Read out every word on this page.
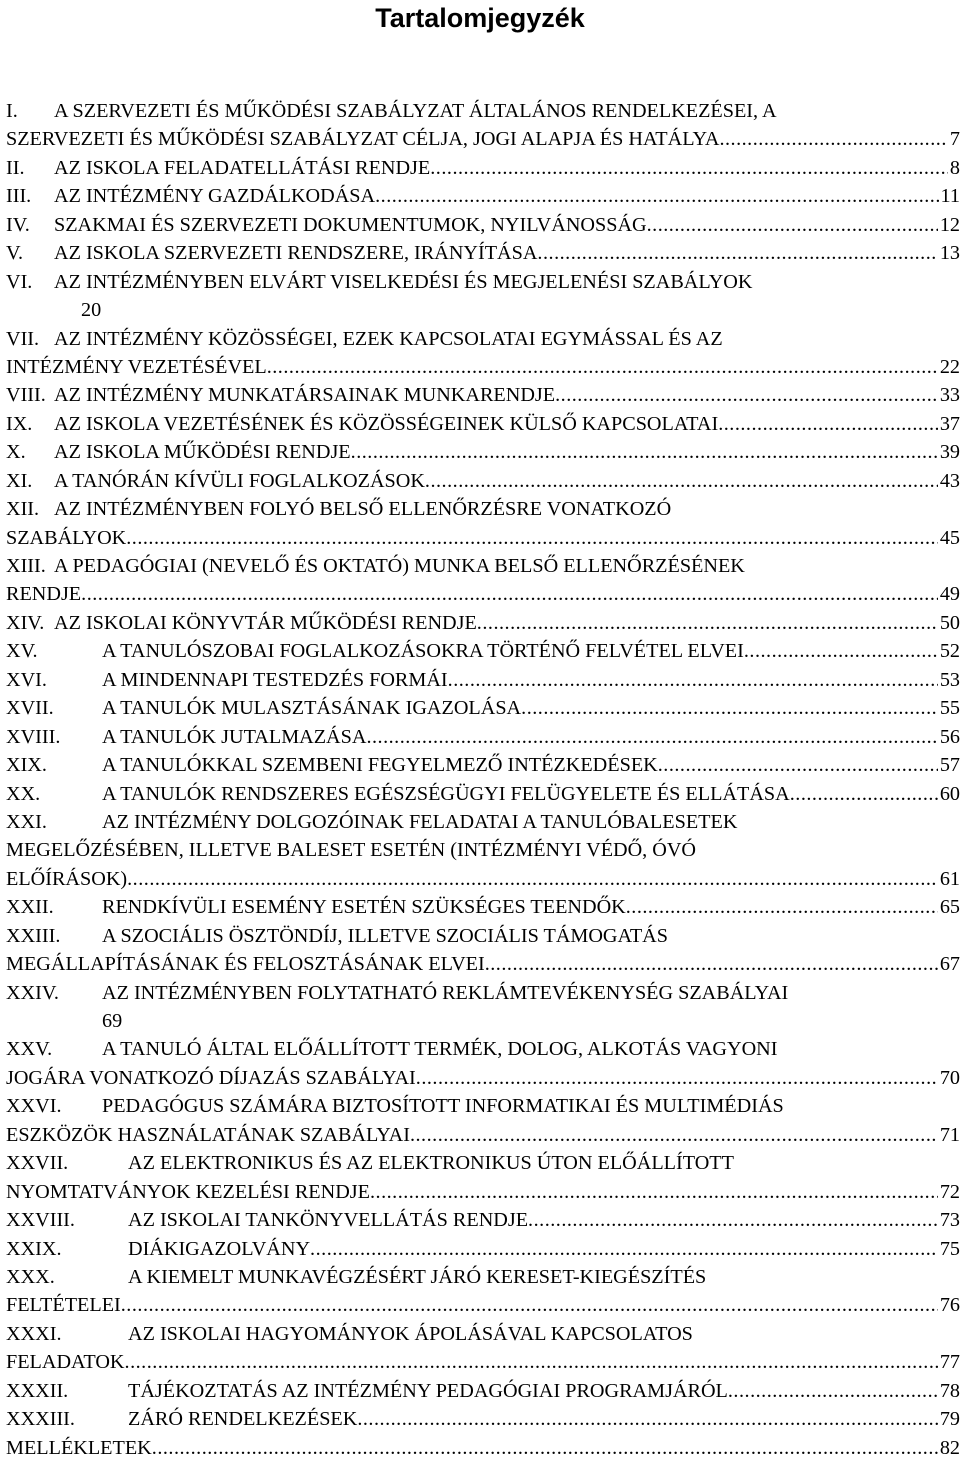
Tartalomjegyzék
I.	A SZERVEZETI ÉS MŰKÖDÉSI SZABÁLYZAT ÁLTALÁNOS RENDELKEZÉSEI, A
SZERVEZETI ÉS MŰKÖDÉSI SZABÁLYZAT CÉLJA, JOGI ALAPJA ÉS HATÁLYA .....	7
II.	AZ ISKOLA FELADATELLÁTÁSI RENDJE .....	8
III.	AZ INTÉZMÉNY GAZDÁLKODÁSA .....	11
IV.	SZAKMAI ÉS SZERVEZETI DOKUMENTUMOK, NYILVÁNOSSÁG .....	12
V.	AZ ISKOLA SZERVEZETI RENDSZERE, IRÁNYÍTÁSA .....	13
VI.	AZ INTÉZMÉNYBEN ELVÁRT VISELKEDÉSI ÉS MEGJELENÉSI SZABÁLYOK
20
VII. AZ INTÉZMÉNY KÖZÖSSÉGEI, EZEK KAPCSOLATAI EGYMÁSSAL ÉS AZ
INTÉZMÉNY VEZETÉSÉVEL .....	22
VIII. AZ INTÉZMÉNY MUNKATÁRSAINAK MUNKARENDJE .....	33
IX.	AZ ISKOLA VEZETÉSÉNEK ÉS KÖZÖSSÉGEINEK KÜLSŐ KAPCSOLATAI .....	37
X.	AZ ISKOLA MŰKÖDÉSI RENDJE .....	39
XI.	A TANÓRÁN KÍVÜLI FOGLALKOZÁSOK .....	43
XII. AZ INTÉZMÉNYBEN FOLYÓ BELSŐ ELLENŐRZÉSRE VONATKOZÓ
SZABÁLYOK .....	45
XIII. A PEDAGÓGIAI (NEVELŐ ÉS OKTATÓ) MUNKA BELSŐ ELLENŐRZÉSÉNEK
RENDJE .....	49
XIV. AZ ISKOLAI KÖNYVTÁR MŰKÖDÉSI RENDJE .....	50
XV.	A TANULÓSZOBAI FOGLALKOZÁSOKRA TÖRTÉNŐ FELVÉTEL ELVEI .....	52
XVI.	A MINDENNAPI TESTEDZÉS FORMÁI .....	53
XVII.	A TANULÓK MULASZTÁSÁNAK IGAZOLÁSA .....	55
XVIII.	A TANULÓK JUTALMAZÁSA .....	56
XIX.	A TANULÓKKAL SZEMBENI FEGYELMEZŐ INTÉZKEDÉSEK .....	57
XX.	A TANULÓK RENDSZERES EGÉSZSÉGÜGYI FELÜGYELETE ÉS ELLÁTÁSA .....	60
XXI.	AZ INTÉZMÉNY DOLGOZÓINAK FELADATAI A TANULÓBALESETEK
MEGELŐZÉSÉBEN, ILLETVE BALESET ESETÉN (INTÉZMÉNYI VÉDŐ, ÓVÓ
ELŐÍRÁSOK) .....	61
XXII.	RENDKÍVÜLI ESEMÉNY ESETÉN SZÜKSÉGES TEENDŐK .....	65
XXIII.	A SZOCIÁLIS ÖSZTÖNDÍJ, ILLETVE SZOCIÁLIS TÁMOGATÁS
MEGÁLLAPÍTÁSÁNAK ÉS FELOSZTÁSÁNAK ELVEI .....	67
XXIV.	AZ INTÉZMÉNYBEN FOLYTATHATÓ REKLÁMTEVÉKENYSÉG SZABÁLYAI
69
XXV.	A TANULÓ ÁLTAL ELŐÁLLÍTOTT TERMÉK, DOLOG, ALKOTÁS VAGYONI
JOGÁRA VONATKOZÓ DÍJAZÁS SZABÁLYAI .....	70
XXVI.	PEDAGÓGUS SZÁMÁRA BIZTOSÍTOTT INFORMATIKAI ÉS MULTIMÉDIÁS
ESZKÖZÖK HASZNÁLATÁNAK SZABÁLYAI .....	71
XXVII.	AZ ELEKTRONIKUS ÉS AZ ELEKTRONIKUS ÚTON ELŐÁLLÍTOTT
NYOMTATVÁNYOK KEZELÉSI RENDJE .....	72
XXVIII.	AZ ISKOLAI TANKÖNYVELLÁTÁS RENDJE .....	73
XXIX.	DIÁKIGAZOLVÁNY .....	75
XXX.	A KIEMELT MUNKAVÉGZÉSÉRT JÁRÓ KERESET-KIEGÉSZÍTÉS
FELTÉTELEI .....	76
XXXI.	AZ ISKOLAI HAGYOMÁNYOK ÁPOLÁSÁVAL KAPCSOLATOS
FELADATOK .....	77
XXXII.	TÁJÉKOZTATÁS AZ INTÉZMÉNY PEDAGÓGIAI PROGRAMJÁRÓL .....	78
XXXIII.	ZÁRÓ RENDELKEZÉSEK .....	79
MELLÉKLETEK .....	82
